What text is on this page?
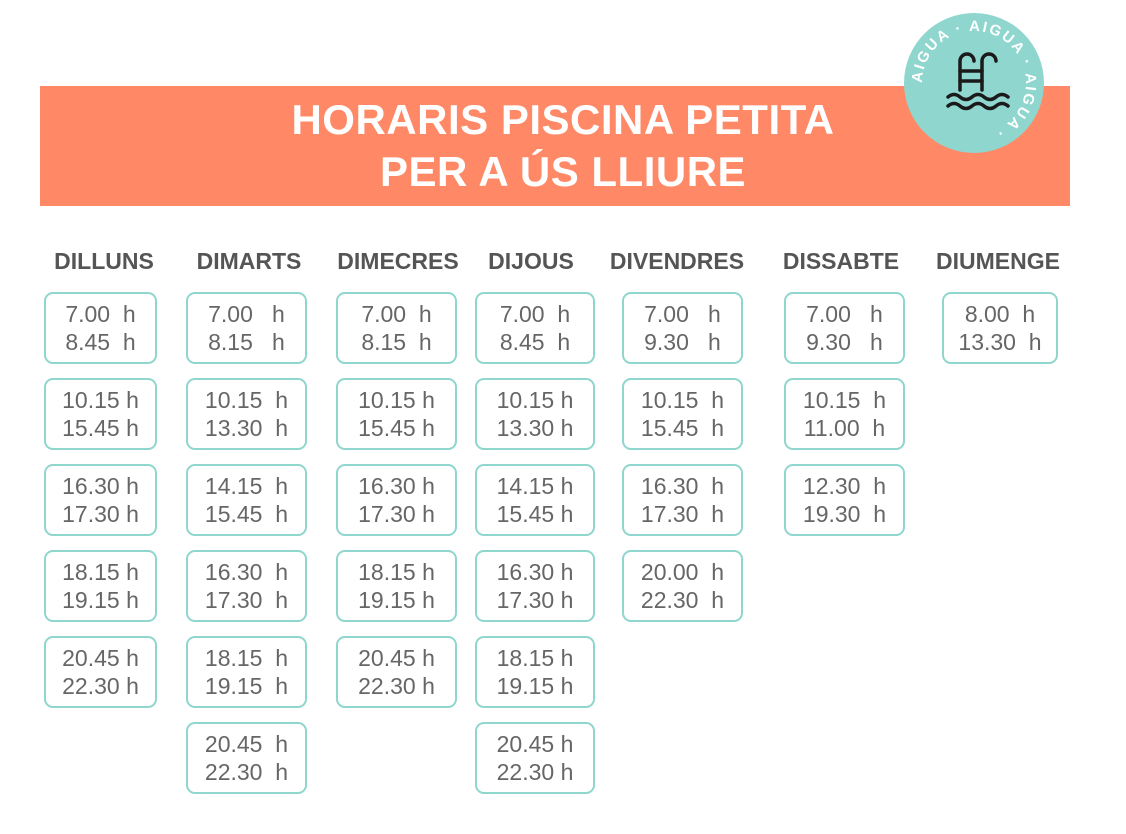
HORARIS PISCINA PETITA
PER A ÚS LLIURE
AIGUA · AIGUA · AIGUA ·
DILLUNS
7.00  h
8.45  h
10.15 h
15.45 h
16.30 h
17.30 h
18.15 h
19.15 h
20.45 h
22.30 h
DIMARTS
7.00   h
8.15   h
10.15  h
13.30  h
14.15  h
15.45  h
16.30  h
17.30  h
18.15  h
19.15  h
20.45  h
22.30  h
DIMECRES
7.00  h
8.15  h
10.15 h
15.45 h
16.30 h
17.30 h
18.15 h
19.15 h
20.45 h
22.30 h
DIJOUS
7.00  h
8.45  h
10.15 h
13.30 h
14.15 h
15.45 h
16.30 h
17.30 h
18.15 h
19.15 h
20.45 h
22.30 h
DIVENDRES
7.00   h
9.30   h
10.15  h
15.45  h
16.30  h
17.30  h
20.00  h
22.30  h
DISSABTE
7.00   h
9.30   h
10.15  h
11.00  h
12.30  h
19.30  h
DIUMENGE
8.00  h
13.30  h
